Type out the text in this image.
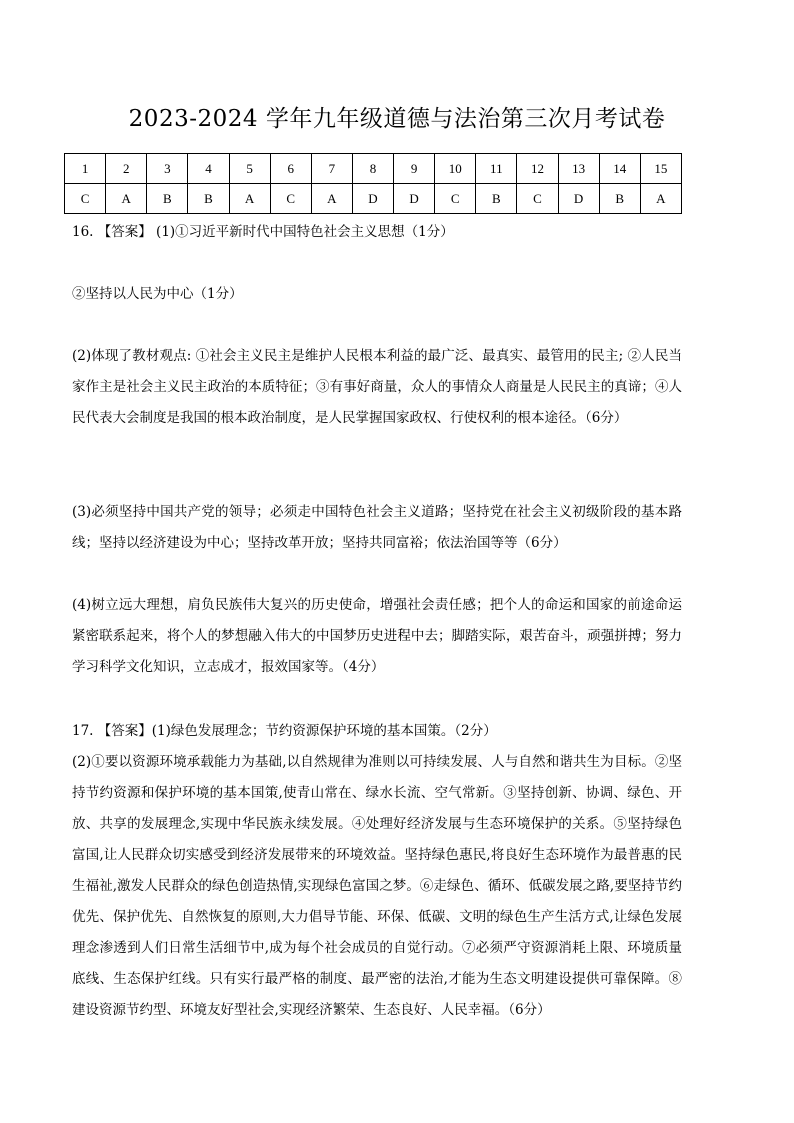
2023-2024 学年九年级道德与法治第三次月考试卷
1	2	3	4	5	6	7	8	9	10	11	12	13	14	15
C	A	B	B	A	C	A	D	D	C	B	C	D	B	A

16. 【答案】 (1)①习近平新时代中国特色社会主义思想（1分）

②坚持以人民为中心（1分）

(2)体现了教材观点: ①社会主义民主是维护人民根本利益的最广泛、最真实、最管用的民主; ②人民当家作主是社会主义民主政治的本质特征；③有事好商量，众人的事情众人商量是人民民主的真谛；④人民代表大会制度是我国的根本政治制度，是人民掌握国家政权、行使权利的根本途径。（6分）

(3)必须坚持中国共产党的领导；必须走中国特色社会主义道路；坚持党在社会主义初级阶段的基本路线；坚持以经济建设为中心；坚持改革开放；坚持共同富裕；依法治国等等（6分）

(4)树立远大理想，肩负民族伟大复兴的历史使命，增强社会责任感；把个人的命运和国家的前途命运紧密联系起来，将个人的梦想融入伟大的中国梦历史进程中去；脚踏实际，艰苦奋斗，顽强拼搏；努力学习科学文化知识，立志成才，报效国家等。（4分）

17. 【答案】(1)绿色发展理念；节约资源保护环境的基本国策。（2分）

(2)①要以资源环境承载能力为基础,以自然规律为准则以可持续发展、人与自然和谐共生为目标。②坚持节约资源和保护环境的基本国策,使青山常在、绿水长流、空气常新。③坚持创新、协调、绿色、开放、共享的发展理念,实现中华民族永续发展。④处理好经济发展与生态环境保护的关系。⑤坚持绿色富国,让人民群众切实感受到经济发展带来的环境效益。坚持绿色惠民,将良好生态环境作为最普惠的民生福祉,激发人民群众的绿色创造热情,实现绿色富国之梦。⑥走绿色、循环、低碳发展之路,要坚持节约优先、保护优先、自然恢复的原则,大力倡导节能、环保、低碳、文明的绿色生产生活方式,让绿色发展理念渗透到人们日常生活细节中,成为每个社会成员的自觉行动。⑦必须严守资源消耗上限、环境质量底线、生态保护红线。只有实行最严格的制度、最严密的法治,才能为生态文明建设提供可靠保障。⑧建设资源节约型、环境友好型社会,实现经济繁荣、生态良好、人民幸福。（6分）
